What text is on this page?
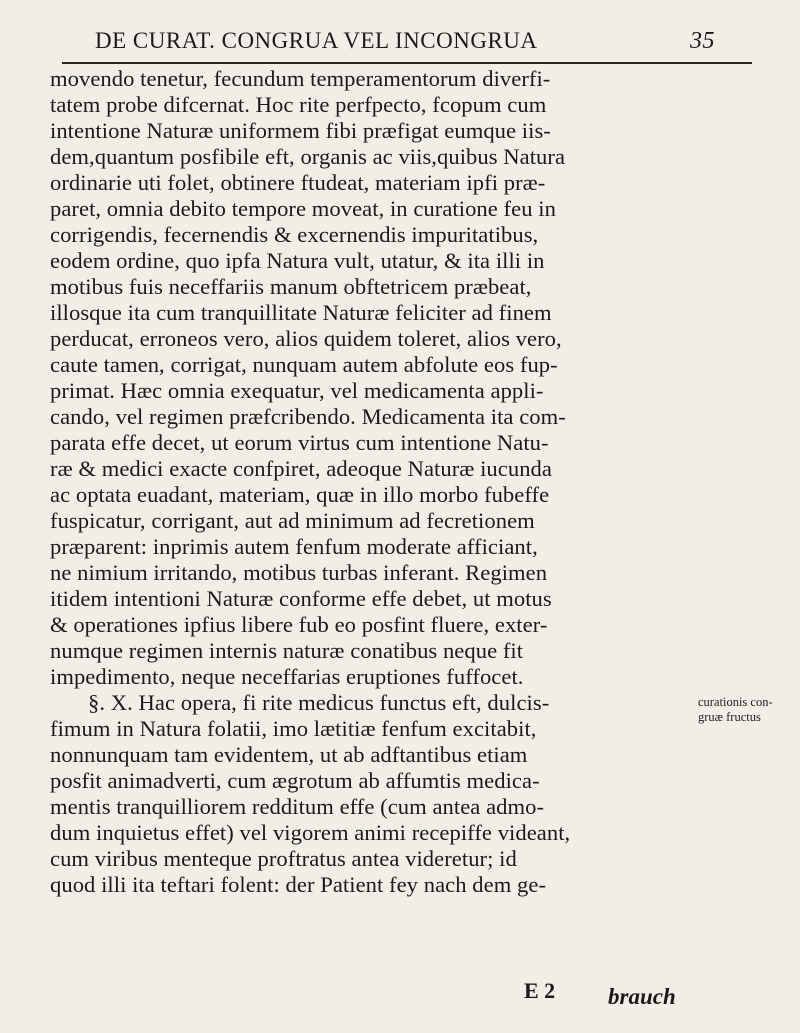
DE CURAT. CONGRUA VEL INCONGRUA	35
movendo tenetur, fecundum temperamentorum diverfi-
tatem probe difcernat. Hoc rite perfpecto, fcopum cum
intentione Naturæ uniformem fibi præfigat eumque iis-
dem,quantum posfibile eft, organis ac viis,quibus Natura
ordinarie uti folet, obtinere ftudeat, materiam ipfi præ-
paret, omnia debito tempore moveat, in curatione feu in
corrigendis, fecernendis & excernendis impuritatibus,
eodem ordine, quo ipfa Natura vult, utatur, & ita illi in
motibus fuis neceffariis manum obftetricem præbeat,
illosque ita cum tranquillitate Naturæ feliciter ad finem
perducat, erroneos vero, alios quidem toleret, alios vero,
caute tamen, corrigat, nunquam autem abfolute eos fup-
primat. Hæc omnia exequatur, vel medicamenta appli-
cando, vel regimen præfcribendo. Medicamenta ita com-
parata effe decet, ut eorum virtus cum intentione Natu-
ræ & medici exacte confpiret, adeoque Naturæ iucunda
ac optata euadant, materiam, quæ in illo morbo fubeffe
fuspicatur, corrigant, aut ad minimum ad fecretionem
præparent: inprimis autem fenfum moderate afficiant,
ne nimium irritando, motibus turbas inferant. Regimen
itidem intentioni Naturæ conforme effe debet, ut motus
& operationes ipfius libere fub eo posfint fluere, exter-
numque regimen internis naturæ conatibus neque fit
impedimento, neque neceffarias eruptiones fuffocet.
§. X. Hac opera, fi rite medicus functus eft, dulcis-
fimum in Natura folatii, imo lætitiæ fenfum excitabit,
nonnunquam tam evidentem, ut ab adftantibus etiam
posfit animadverti, cum ægrotum ab affumtis medica-
mentis tranquilliorem redditum effe (cum antea admo-
dum inquietus effet) vel vigorem animi recepiffe videant,
cum viribus menteque proftratus antea videretur; id
quod illi ita teftari folent: der Patient fey nach dem ge-
curationis con-
gruæ fructus
E 2 brauch
